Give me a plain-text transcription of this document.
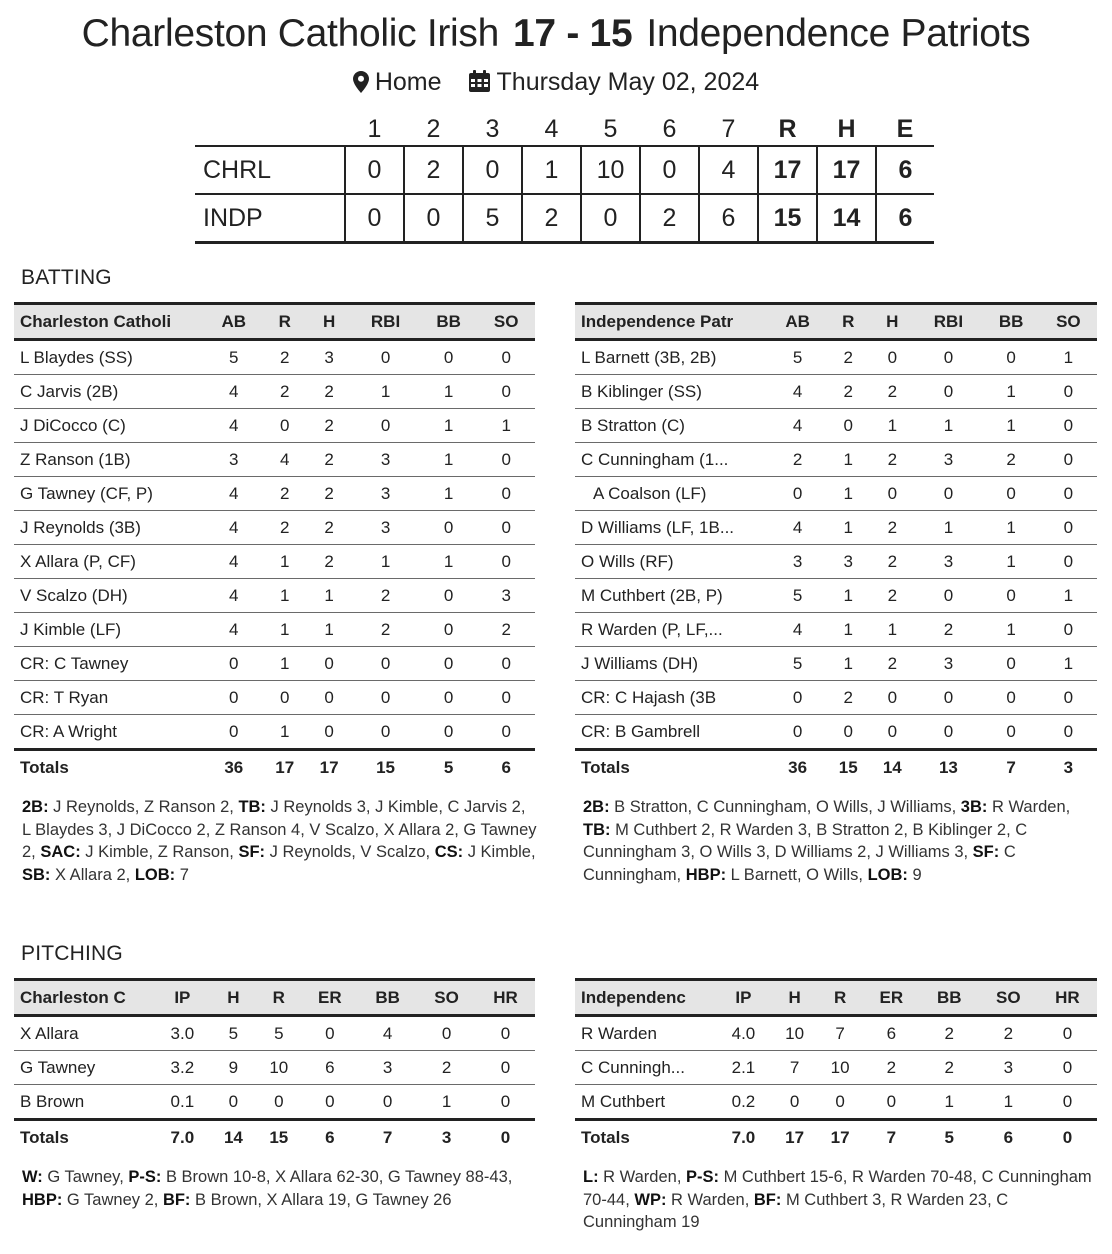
Charleston Catholic Irish 17 - 15 Independence Patriots
Home Thursday May 02, 2024
	1	2	3	4	5	6	7	R	H	E
CHRL	0	2	0	1	10	0	4	17	17	6
INDP	0	0	5	2	0	2	6	15	14	6
BATTING
Charleston Catholi	AB	R	H	RBI	BB	SO
L Blaydes (SS)	5	2	3	0	0	0
C Jarvis (2B)	4	2	2	1	1	0
J DiCocco (C)	4	0	2	0	1	1
Z Ranson (1B)	3	4	2	3	1	0
G Tawney (CF, P)	4	2	2	3	1	0
J Reynolds (3B)	4	2	2	3	0	0
X Allara (P, CF)	4	1	2	1	1	0
V Scalzo (DH)	4	1	1	2	0	3
J Kimble (LF)	4	1	1	2	0	2
CR: C Tawney	0	1	0	0	0	0
CR: T Ryan	0	0	0	0	0	0
CR: A Wright	0	1	0	0	0	0
Totals	36	17	17	15	5	6
Independence Patr	AB	R	H	RBI	BB	SO
L Barnett (3B, 2B)	5	2	0	0	0	1
B Kiblinger (SS)	4	2	2	0	1	0
B Stratton (C)	4	0	1	1	1	0
C Cunningham (1...	2	1	2	3	2	0
A Coalson (LF)	0	1	0	0	0	0
D Williams (LF, 1B...	4	1	2	1	1	0
O Wills (RF)	3	3	2	3	1	0
M Cuthbert (2B, P)	5	1	2	0	0	1
R Warden (P, LF,...	4	1	1	2	1	0
J Williams (DH)	5	1	2	3	0	1
CR: C Hajash (3B	0	2	0	0	0	0
CR: B Gambrell	0	0	0	0	0	0
Totals	36	15	14	13	7	3
2B: J Reynolds, Z Ranson 2, TB: J Reynolds 3, J Kimble, C Jarvis 2, L Blaydes 3, J DiCocco 2, Z Ranson 4, V Scalzo, X Allara 2, G Tawney 2, SAC: J Kimble, Z Ranson, SF: J Reynolds, V Scalzo, CS: J Kimble, SB: X Allara 2, LOB: 7
2B: B Stratton, C Cunningham, O Wills, J Williams, 3B: R Warden, TB: M Cuthbert 2, R Warden 3, B Stratton 2, B Kiblinger 2, C Cunningham 3, O Wills 3, D Williams 2, J Williams 3, SF: C Cunningham, HBP: L Barnett, O Wills, LOB: 9
PITCHING
Charleston C	IP	H	R	ER	BB	SO	HR
X Allara	3.0	5	5	0	4	0	0
G Tawney	3.2	9	10	6	3	2	0
B Brown	0.1	0	0	0	0	1	0
Totals	7.0	14	15	6	7	3	0
Independenc	IP	H	R	ER	BB	SO	HR
R Warden	4.0	10	7	6	2	2	0
C Cunningh...	2.1	7	10	2	2	3	0
M Cuthbert	0.2	0	0	0	1	1	0
Totals	7.0	17	17	7	5	6	0
W: G Tawney, P-S: B Brown 10-8, X Allara 62-30, G Tawney 88-43, HBP: G Tawney 2, BF: B Brown, X Allara 19, G Tawney 26
L: R Warden, P-S: M Cuthbert 15-6, R Warden 70-48, C Cunningham 70-44, WP: R Warden, BF: M Cuthbert 3, R Warden 23, C Cunningham 19
